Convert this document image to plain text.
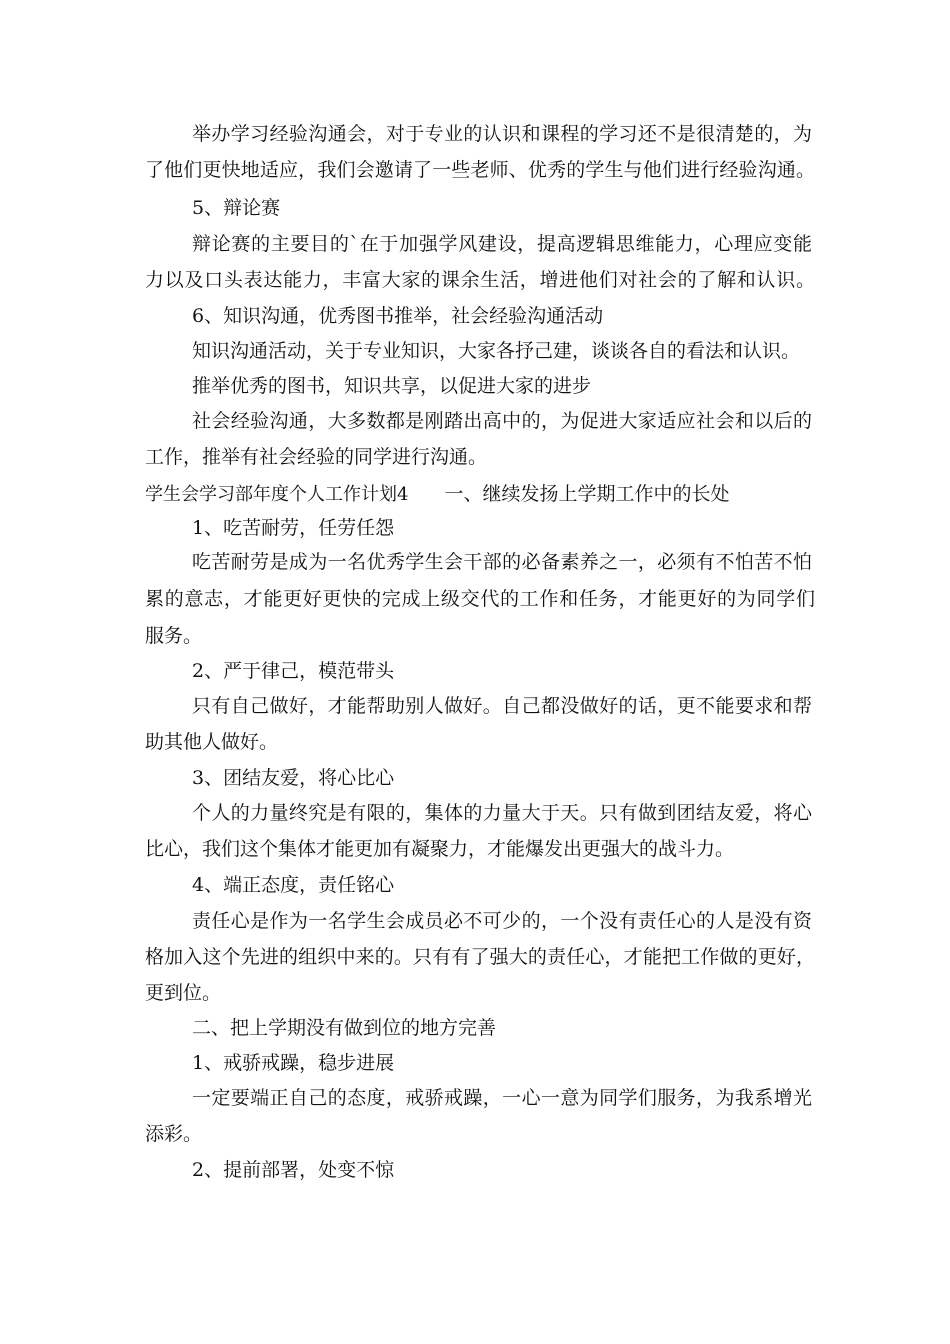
举办学习经验沟通会，对于专业的认识和课程的学习还不是很清楚的，为
了他们更快地适应，我们会邀请了一些老师、优秀的学生与他们进行经验沟通。
5、辩论赛
辩论赛的主要目的`在于加强学风建设，提高逻辑思维能力，心理应变能
力以及口头表达能力，丰富大家的课余生活，增进他们对社会的了解和认识。
6、知识沟通，优秀图书推举，社会经验沟通活动
知识沟通活动，关于专业知识，大家各抒己建，谈谈各自的看法和认识。
推举优秀的图书，知识共享，以促进大家的进步
社会经验沟通，大多数都是刚踏出高中的，为促进大家适应社会和以后的
工作，推举有社会经验的同学进行沟通。
学生会学习部年度个人工作计划4 一、继续发扬上学期工作中的长处
1、吃苦耐劳，任劳任怨
吃苦耐劳是成为一名优秀学生会干部的必备素养之一，必须有不怕苦不怕
累的意志，才能更好更快的完成上级交代的工作和任务，才能更好的为同学们
服务。
2、严于律己，模范带头
只有自己做好，才能帮助别人做好。自己都没做好的话，更不能要求和帮
助其他人做好。
3、团结友爱，将心比心
个人的力量终究是有限的，集体的力量大于天。只有做到团结友爱，将心
比心，我们这个集体才能更加有凝聚力，才能爆发出更强大的战斗力。
4、端正态度，责任铭心
责任心是作为一名学生会成员必不可少的，一个没有责任心的人是没有资
格加入这个先进的组织中来的。只有有了强大的责任心，才能把工作做的更好，
更到位。
二、把上学期没有做到位的地方完善
1、戒骄戒躁，稳步进展
一定要端正自己的态度，戒骄戒躁，一心一意为同学们服务，为我系增光
添彩。
2、提前部署，处变不惊
